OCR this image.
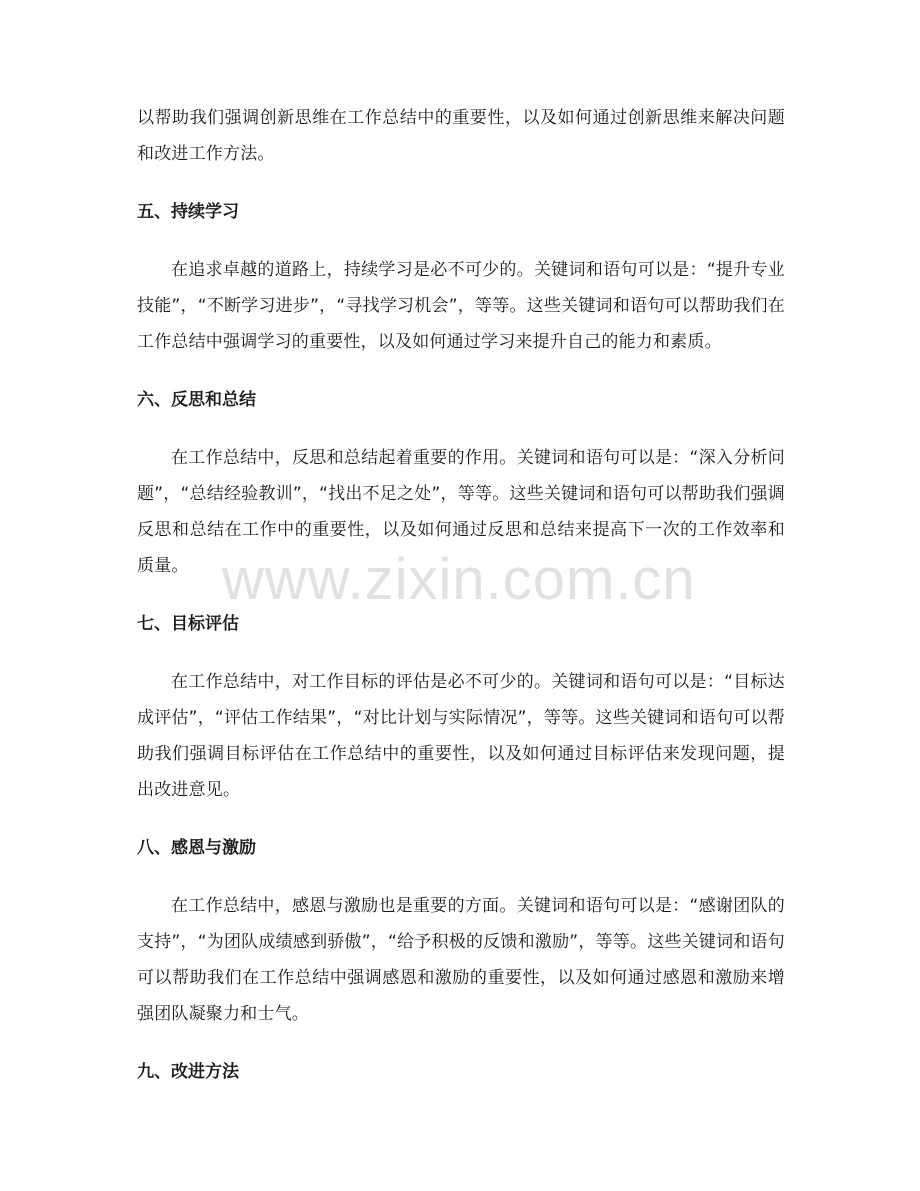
以帮助我们强调创新思维在工作总结中的重要性，以及如何通过创新思维来解决问题和改进工作方法。

五、持续学习

在追求卓越的道路上，持续学习是必不可少的。关键词和语句可以是：“提升专业技能”，“不断学习进步”，“寻找学习机会”，等等。这些关键词和语句可以帮助我们在工作总结中强调学习的重要性，以及如何通过学习来提升自己的能力和素质。

六、反思和总结

在工作总结中，反思和总结起着重要的作用。关键词和语句可以是：“深入分析问题”，“总结经验教训”，“找出不足之处”，等等。这些关键词和语句可以帮助我们强调反思和总结在工作中的重要性，以及如何通过反思和总结来提高下一次的工作效率和质量。

七、目标评估

在工作总结中，对工作目标的评估是必不可少的。关键词和语句可以是：“目标达成评估”，“评估工作结果”，“对比计划与实际情况”，等等。这些关键词和语句可以帮助我们强调目标评估在工作总结中的重要性，以及如何通过目标评估来发现问题，提出改进意见。

八、感恩与激励

在工作总结中，感恩与激励也是重要的方面。关键词和语句可以是：“感谢团队的支持”，“为团队成绩感到骄傲”，“给予积极的反馈和激励”，等等。这些关键词和语句可以帮助我们在工作总结中强调感恩和激励的重要性，以及如何通过感恩和激励来增强团队凝聚力和士气。

九、改进方法
www.zixin.com.cn
